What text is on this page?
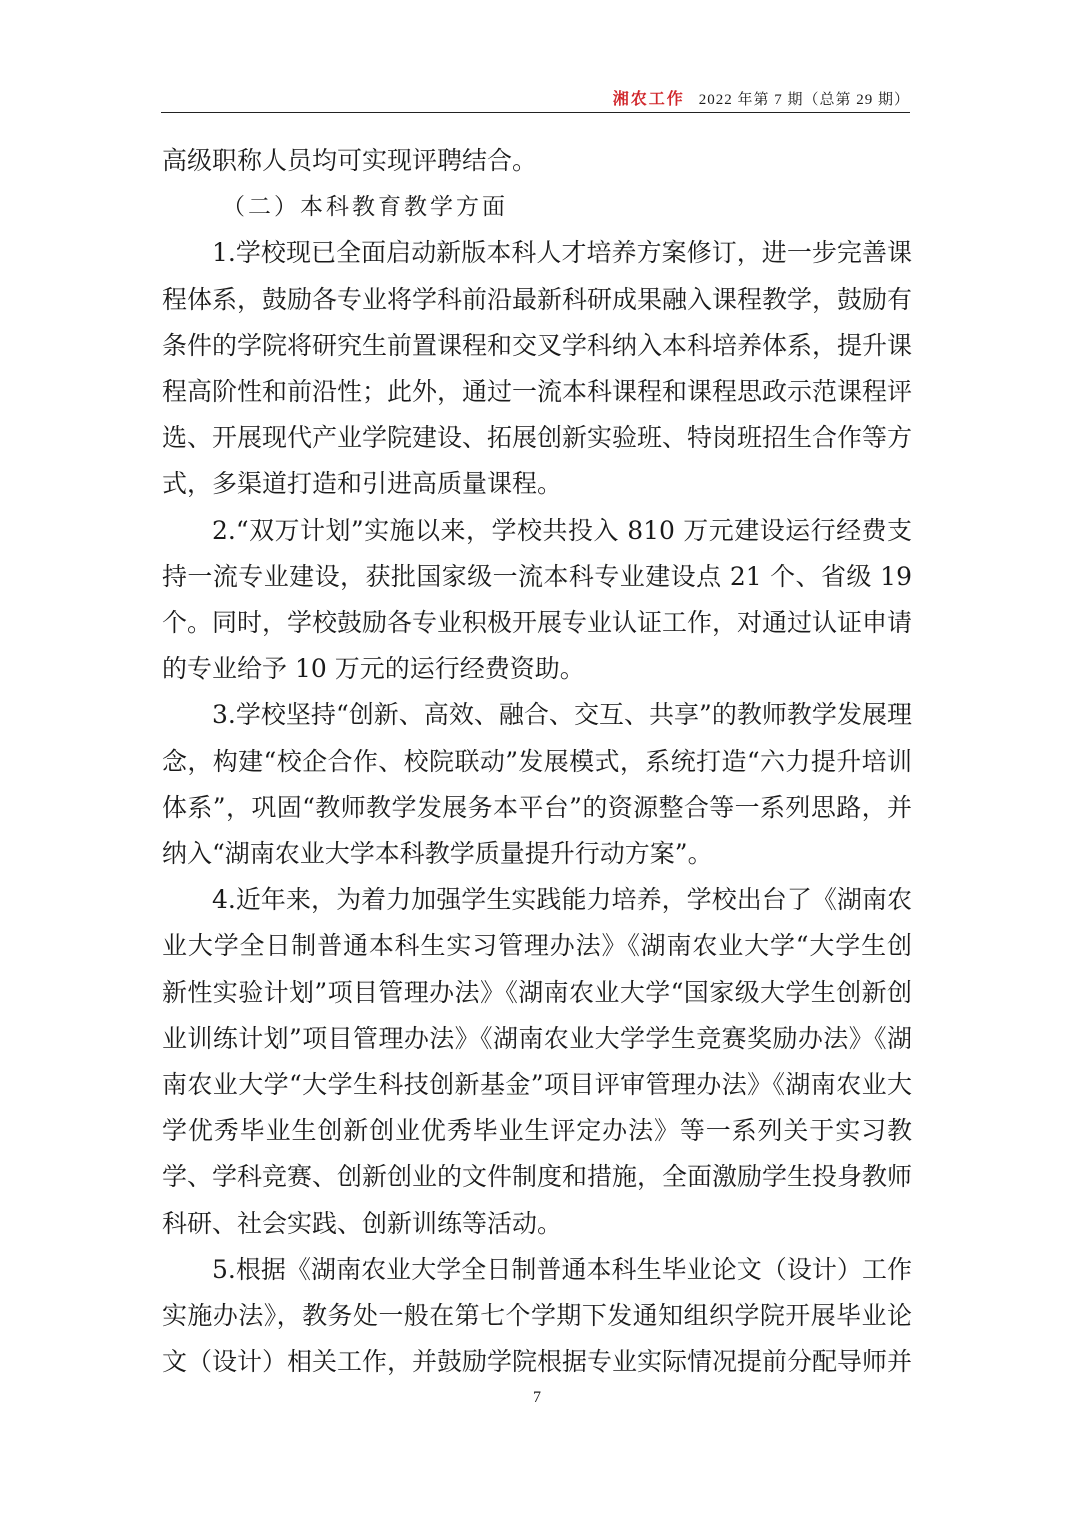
湘农工作 2022 年第 7 期（总第 29 期）

高级职称人员均可实现评聘结合。

（二）本科教育教学方面

1.学校现已全面启动新版本科人才培养方案修订，进一步完善课程体系，鼓励各专业将学科前沿最新科研成果融入课程教学，鼓励有条件的学院将研究生前置课程和交叉学科纳入本科培养体系，提升课程高阶性和前沿性；此外，通过一流本科课程和课程思政示范课程评选、开展现代产业学院建设、拓展创新实验班、特岗班招生合作等方式，多渠道打造和引进高质量课程。

2.“双万计划”实施以来，学校共投入 810 万元建设运行经费支持一流专业建设，获批国家级一流本科专业建设点 21 个、省级 19 个。同时，学校鼓励各专业积极开展专业认证工作，对通过认证申请的专业给予 10 万元的运行经费资助。

3.学校坚持“创新、高效、融合、交互、共享”的教师教学发展理念，构建“校企合作、校院联动”发展模式，系统打造“六力提升培训体系”，巩固“教师教学发展务本平台”的资源整合等一系列思路，并纳入“湖南农业大学本科教学质量提升行动方案”。

4.近年来，为着力加强学生实践能力培养，学校出台了《湖南农业大学全日制普通本科生实习管理办法》《湖南农业大学“大学生创新性实验计划”项目管理办法》《湖南农业大学“国家级大学生创新创业训练计划”项目管理办法》《湖南农业大学学生竞赛奖励办法》《湖南农业大学“大学生科技创新基金”项目评审管理办法》《湖南农业大学优秀毕业生创新创业优秀毕业生评定办法》等一系列关于实习教学、学科竞赛、创新创业的文件制度和措施，全面激励学生投身教师科研、社会实践、创新训练等活动。

5.根据《湖南农业大学全日制普通本科生毕业论文（设计）工作实施办法》，教务处一般在第七个学期下发通知组织学院开展毕业论文（设计）相关工作，并鼓励学院根据专业实际情况提前分配导师并

7
